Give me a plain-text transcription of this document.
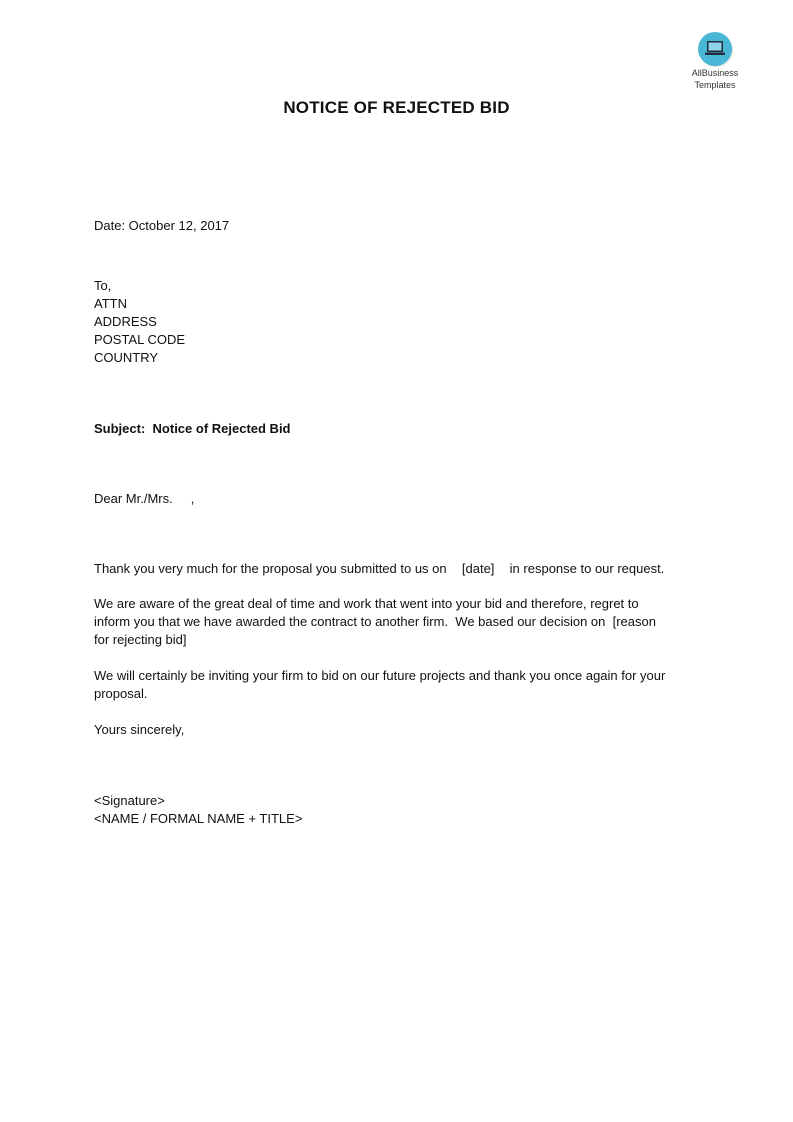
AllBusiness
Templates
NOTICE OF REJECTED BID
Date: October 12, 2017
To,
ATTN
ADDRESS
POSTAL CODE
COUNTRY
Subject: Notice of Rejected Bid
Dear Mr./Mrs.     ,
Thank you very much for the proposal you submitted to us on [date] in response to our request.
We are aware of the great deal of time and work that went into your bid and therefore, regret to
inform you that we have awarded the contract to another firm.  We based our decision on  [reason
for rejecting bid]
We will certainly be inviting your firm to bid on our future projects and thank you once again for your
proposal.
Yours sincerely,
<Signature>
<NAME / FORMAL NAME + TITLE>
